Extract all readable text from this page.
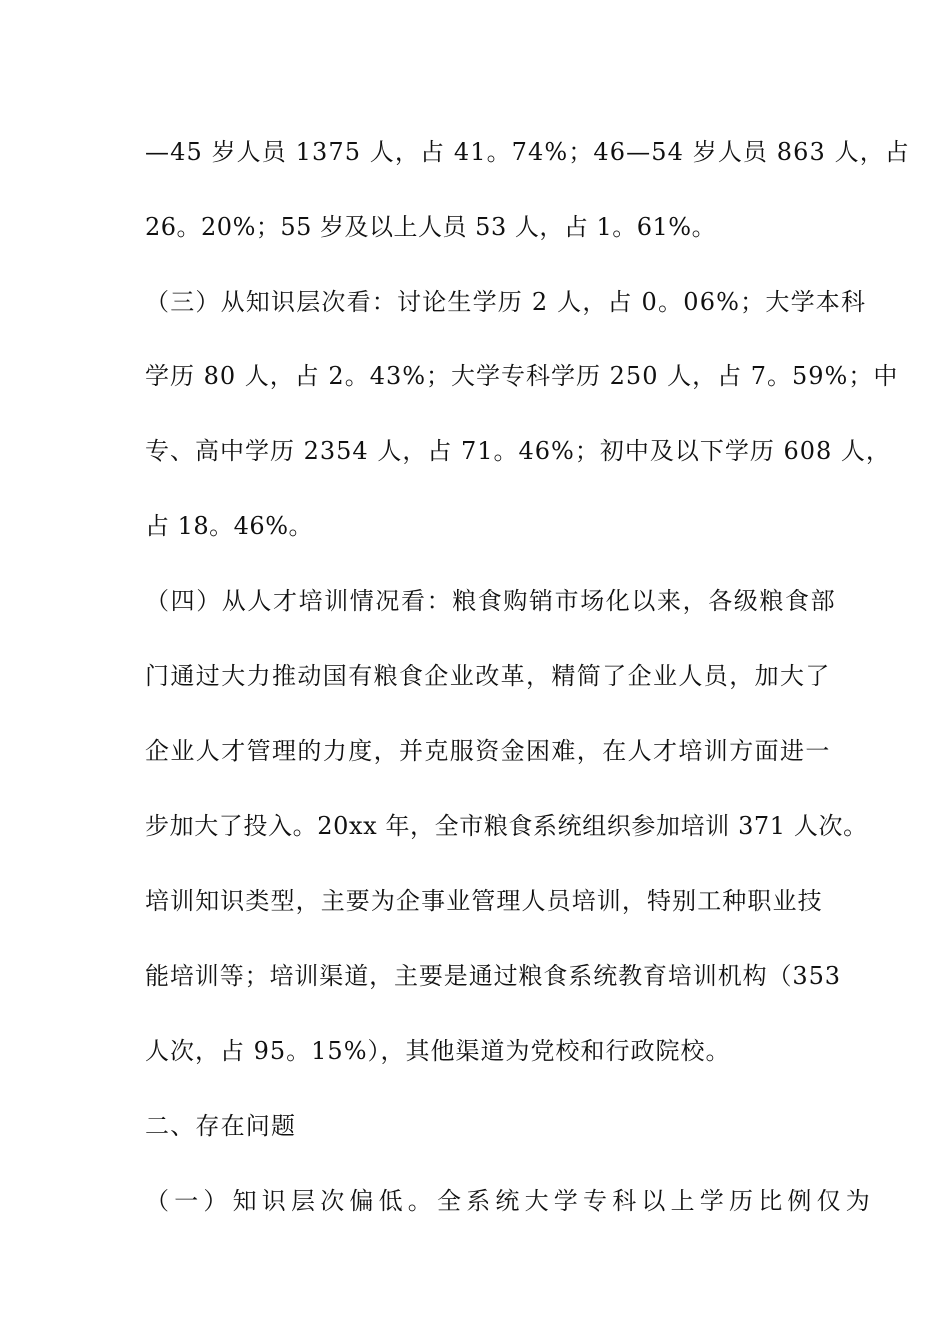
—45 岁人员 1375 人，占 41。74%；46—54 岁人员 863 人，占
26。20%；55 岁及以上人员 53 人，占 1。61%。
（三）从知识层次看：讨论生学历 2 人，占 0。06%；大学本科
学历 80 人，占 2。43%；大学专科学历 250 人，占 7。59%；中
专、高中学历 2354 人，占 71。46%；初中及以下学历 608 人，
占 18。46%。
（四）从人才培训情况看：粮食购销市场化以来，各级粮食部
门通过大力推动国有粮食企业改革，精简了企业人员，加大了
企业人才管理的力度，并克服资金困难，在人才培训方面进一
步加大了投入。20xx 年，全市粮食系统组织参加培训 371 人次。
培训知识类型，主要为企事业管理人员培训，特别工种职业技
能培训等；培训渠道，主要是通过粮食系统教育培训机构（353
人次，占 95。15%），其他渠道为党校和行政院校。
二、存在问题
（一）知识层次偏低。全系统大学专科以上学历比例仅为
